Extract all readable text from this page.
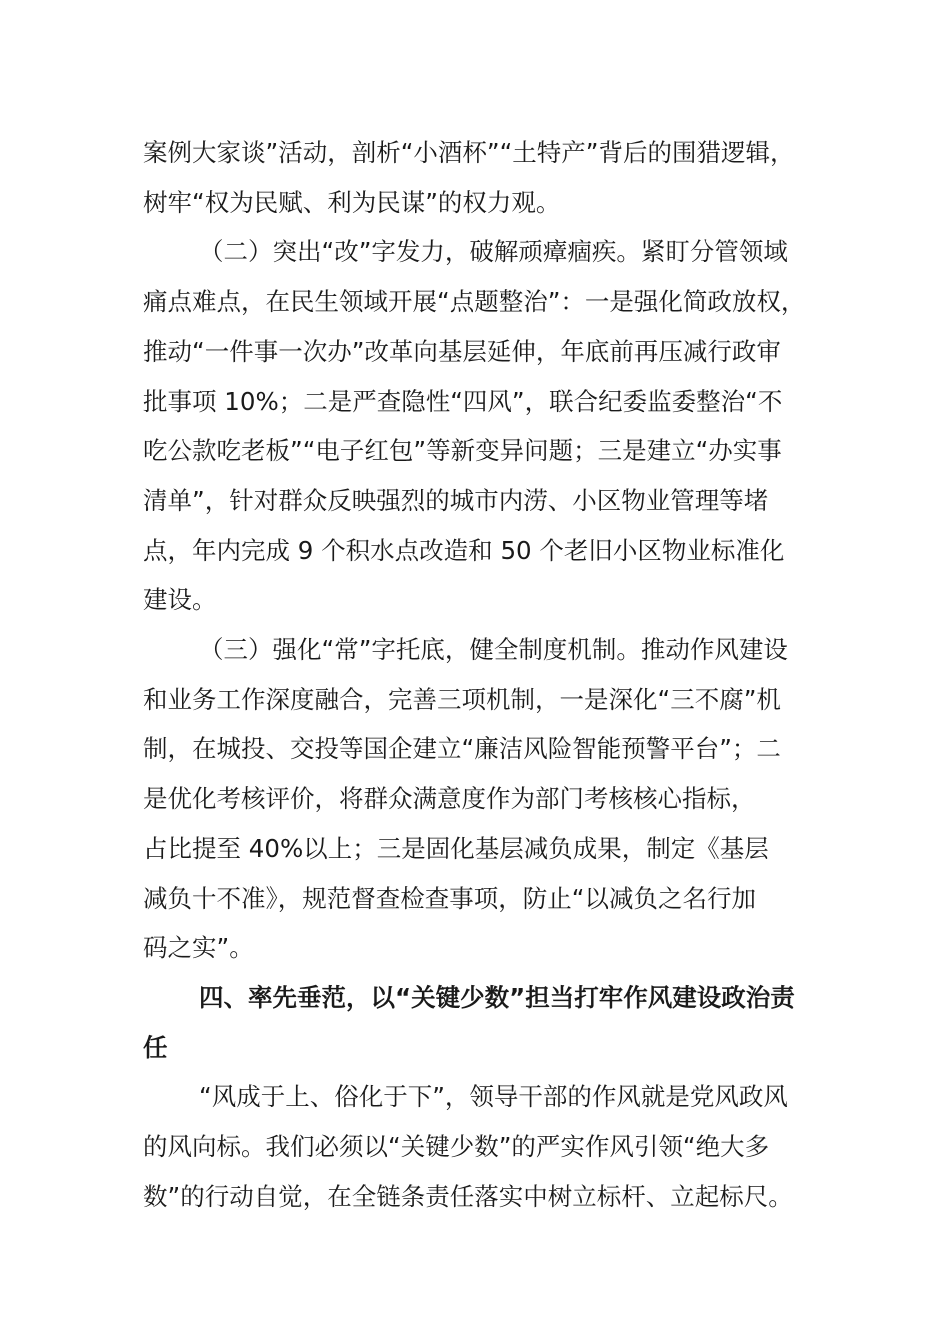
案例大家谈”活动，剖析“小酒杯”“土特产”背后的围猎逻辑，
树牢“权为民赋、利为民谋”的权力观。
（二）突出“改”字发力，破解顽瘴痼疾。紧盯分管领域
痛点难点，在民生领域开展“点题整治”：一是强化简政放权，
推动“一件事一次办”改革向基层延伸，年底前再压减行政审
批事项 10%；二是严查隐性“四风”，联合纪委监委整治“不
吃公款吃老板”“电子红包”等新变异问题；三是建立“办实事
清单”，针对群众反映强烈的城市内涝、小区物业管理等堵
点，年内完成 9 个积水点改造和 50 个老旧小区物业标准化
建设。
（三）强化“常”字托底，健全制度机制。推动作风建设
和业务工作深度融合，完善三项机制，一是深化“三不腐”机
制，在城投、交投等国企建立“廉洁风险智能预警平台”；二
是优化考核评价，将群众满意度作为部门考核核心指标，
占比提至 40%以上；三是固化基层减负成果，制定《基层
减负十不准》，规范督查检查事项，防止“以减负之名行加
码之实”。
四、率先垂范，以“关键少数”担当打牢作风建设政治责
任
“风成于上、俗化于下”，领导干部的作风就是党风政风
的风向标。我们必须以“关键少数”的严实作风引领“绝大多
数”的行动自觉，在全链条责任落实中树立标杆、立起标尺。
